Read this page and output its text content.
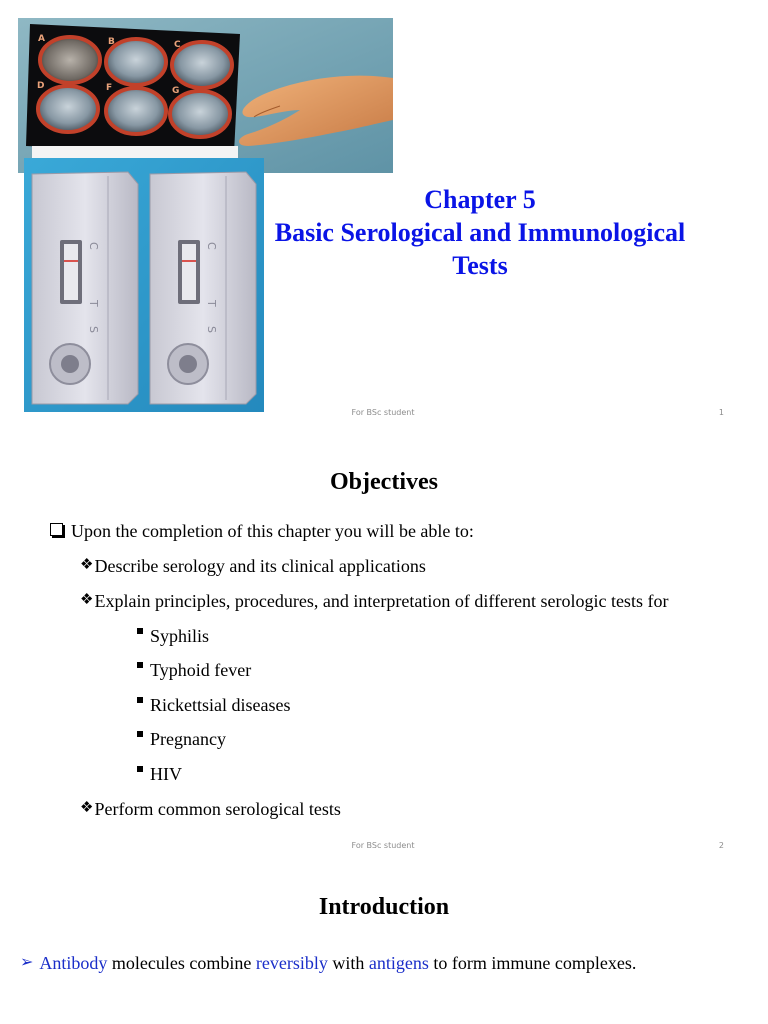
A	B	C
D	F	G
C
T
S
C
T
S
Chapter 5
Basic Serological and Immunological
Tests
For BSc student	1
Objectives
Upon the completion of this chapter you will be able to:
❖Describe serology and its clinical applications
❖Explain principles, procedures, and interpretation of different serologic tests for
Syphilis
Typhoid fever
Rickettsial diseases
Pregnancy
HIV
❖Perform common serological tests
For BSc student	2
Introduction
➢ Antibody molecules combine reversibly with antigens to form immune complexes.
